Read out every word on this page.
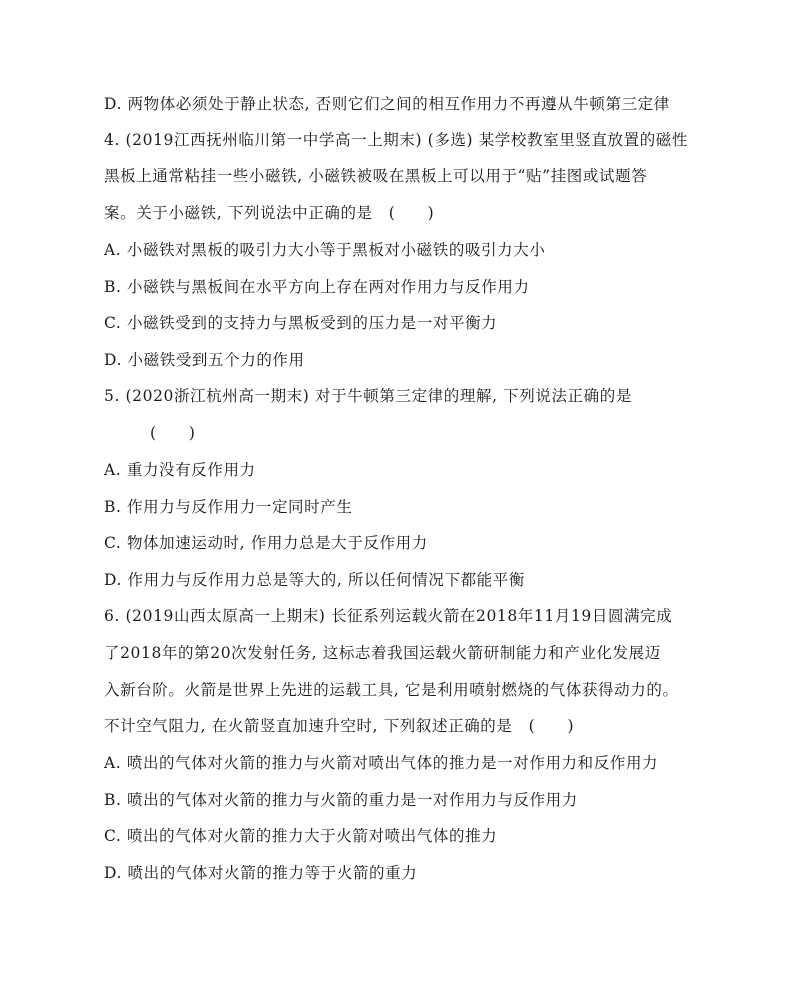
D. 两物体必须处于静止状态, 否则它们之间的相互作用力不再遵从牛顿第三定律
4. (2019江西抚州临川第一中学高一上期末) (多选) 某学校教室里竖直放置的磁性
黑板上通常粘挂一些小磁铁, 小磁铁被吸在黑板上可以用于“贴”挂图或试题答
案。关于小磁铁, 下列说法中正确的是　(　　)
A. 小磁铁对黑板的吸引力大小等于黑板对小磁铁的吸引力大小
B. 小磁铁与黑板间在水平方向上存在两对作用力与反作用力
C. 小磁铁受到的支持力与黑板受到的压力是一对平衡力
D. 小磁铁受到五个力的作用
5. (2020浙江杭州高一期末) 对于牛顿第三定律的理解, 下列说法正确的是
(　　)
A. 重力没有反作用力
B. 作用力与反作用力一定同时产生
C. 物体加速运动时, 作用力总是大于反作用力
D. 作用力与反作用力总是等大的, 所以任何情况下都能平衡
6. (2019山西太原高一上期末) 长征系列运载火箭在2018年11月19日圆满完成
了2018年的第20次发射任务, 这标志着我国运载火箭研制能力和产业化发展迈
入新台阶。火箭是世界上先进的运载工具, 它是利用喷射燃烧的气体获得动力的。
不计空气阻力, 在火箭竖直加速升空时, 下列叙述正确的是　(　　)
A. 喷出的气体对火箭的推力与火箭对喷出气体的推力是一对作用力和反作用力
B. 喷出的气体对火箭的推力与火箭的重力是一对作用力与反作用力
C. 喷出的气体对火箭的推力大于火箭对喷出气体的推力
D. 喷出的气体对火箭的推力等于火箭的重力
